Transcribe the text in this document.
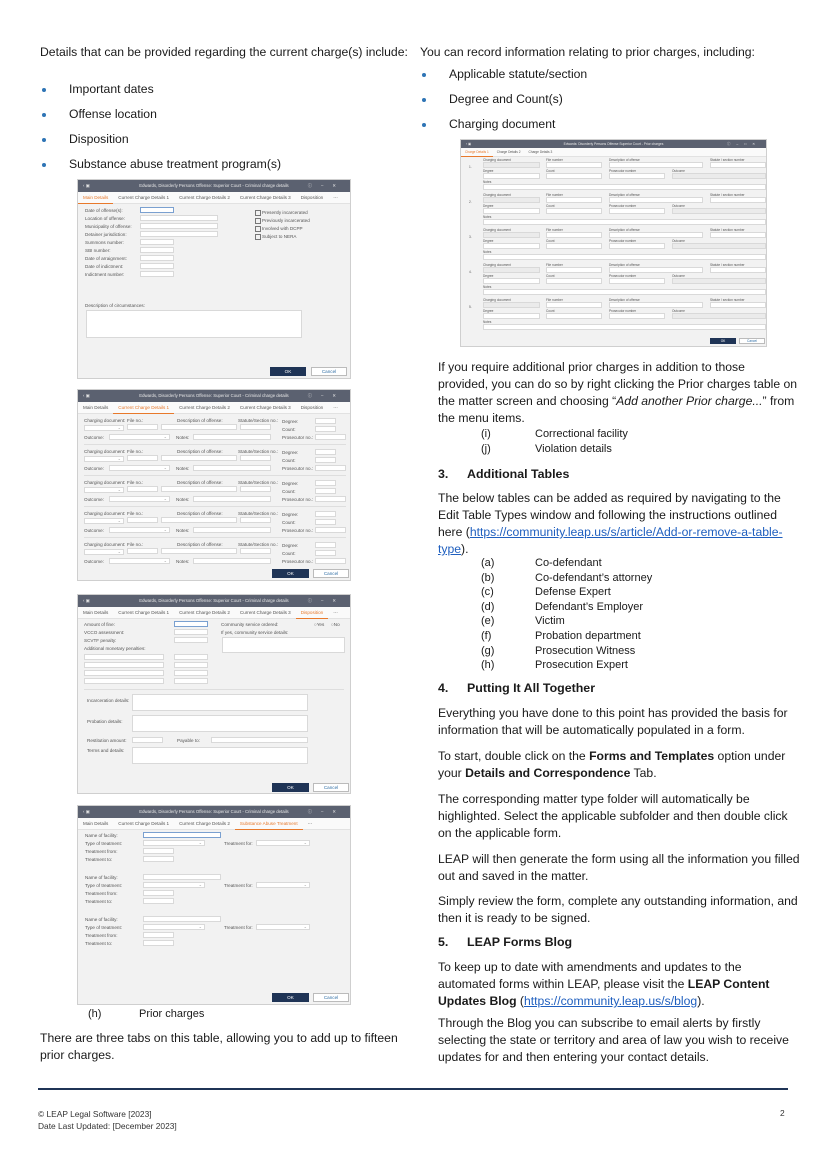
Details that can be provided regarding the current charge(s) include:

Important dates
Offense location
Disposition
Substance abuse treatment program(s)
‹ ▣	Edwards, Disorderly Persons Offense: Superior Court - Criminal charge details	ⓘ–✕
Main Details Current Charge Details 1 Current Charge Details 2 Current Charge Details 3 Disposition ⋯
Date of offense(s):
Location of offense:
Municipality of offense:
Detainer jurisdiction:
Summons number:
SBI number:
Date of arraignment:
Date of indictment:
Indictment number:
Presently incarcerated
Previously incarcerated
Involved with DCPP
Subject to NERA
Description of circumstances:
OK	Cancel
‹ ▣	Edwards, Disorderly Persons Offense: Superior Court - Criminal charge details	ⓘ–✕
Main Details Current Charge Details 1 Current Charge Details 2 Current Charge Details 3 Disposition ⋯
Charging document: File no.:	Description of offense:	Statute/Section no.: Degree:
Count:
Outcome:	Notes:	Prosecutor no.:
⌄
⌄
Charging document: File no.:	Description of offense:	Statute/Section no.: Degree:
Count:
Outcome:	Notes:	Prosecutor no.:
⌄
⌄
Charging document: File no.:	Description of offense:	Statute/Section no.: Degree:
Count:
Outcome:	Notes:	Prosecutor no.:
⌄
⌄
Charging document: File no.:	Description of offense:	Statute/Section no.: Degree:
Count:
Outcome:	Notes:	Prosecutor no.:
⌄
⌄
Charging document: File no.:	Description of offense:	Statute/Section no.: Degree:
Count:
Outcome:	Notes:	Prosecutor no.:
⌄
⌄
OK	Cancel
‹ ▣	Edwards, Disorderly Persons Offense: Superior Court - Criminal charge details	ⓘ–✕
Main Details Current Charge Details 1 Current Charge Details 2 Current Charge Details 3 Disposition ⋯
Amount of fine:
VCCO assessment:
SCVTF penalty:
Additional monetary penalties:
Community service ordered:	○Yes ○No
If yes, community service details:
Incarceration details:
Probation details:
Restitution amount:	Payable to:
Terms and details:
OK	Cancel
‹ ▣	Edwards, Disorderly Persons Offense: Superior Court - Criminal charge details	ⓘ–✕
Main Details Current Charge Details 1 Current Charge Details 2 Substance Abuse Treatment ⋯
Name of facility:
Type of treatment:
Treatment from:
Treatment to:
Treatment for:
⌄	⌄
Name of facility:
Type of treatment:
Treatment from:
Treatment to:
Treatment for:
⌄	⌄
Name of facility:
Type of treatment:
Treatment from:
Treatment to:
Treatment for:
⌄	⌄
OK	Cancel
(h)	Prior charges

There are three tabs on this table, allowing you to add up to fifteen prior charges.

You can record information relating to prior charges, including:

Applicable statute/section
Degree and Count(s)
Charging document
‹ ▣	Edwards: Disorderly Persons Offense Superior Court - Prior charges	ⓘ–□✕
Charge Details 1	Charge Details 2	Charge Details 3
1.
Charging document	File number	Description of offense	Statute / section number
Degree	Count	Prosecutor number	Outcome
Notes
2.
Charging document	File number	Description of offense	Statute / section number
Degree	Count	Prosecutor number	Outcome
Notes
3.
Charging document	File number	Description of offense	Statute / section number
Degree	Count	Prosecutor number	Outcome
Notes
4.
Charging document	File number	Description of offense	Statute / section number
Degree	Count	Prosecutor number	Outcome
Notes
5.
Charging document	File number	Description of offense	Statute / section number
Degree	Count	Prosecutor number	Outcome
Notes
OK	Cancel

If you require additional prior charges in addition to those provided, you can do so by right clicking the Prior charges table on the matter screen and choosing “Add another Prior charge...” from the menu items.

(i)	Correctional facility
(j)	Violation details
3. Additional Tables

The below tables can be added as required by navigating to the Edit Table Types window and following the instructions outlined here (https://community.leap.us/s/article/Add-or-remove-a-table-type).

(a)	Co-defendant
(b)	Co-defendant’s attorney
(c)	Defense Expert
(d)	Defendant’s Employer
(e)	Victim
(f)	Probation department
(g)	Prosecution Witness
(h)	Prosecution Expert
4. Putting It All Together

Everything you have done to this point has provided the basis for information that will be automatically populated in a form.

To start, double click on the Forms and Templates option under your Details and Correspondence Tab.

The corresponding matter type folder will automatically be highlighted. Select the applicable subfolder and then double click on the applicable form.

LEAP will then generate the form using all the information you filled out and saved in the matter.

Simply review the form, complete any outstanding information, and then it is ready to be signed.

5. LEAP Forms Blog

To keep up to date with amendments and updates to the automated forms within LEAP, please visit the LEAP Content Updates Blog (https://community.leap.us/s/blog).

Through the Blog you can subscribe to email alerts by firstly selecting the state or territory and area of law you wish to receive updates for and then entering your contact details.

© LEAP Legal Software [2023]
Date Last Updated: [December 2023]
2
